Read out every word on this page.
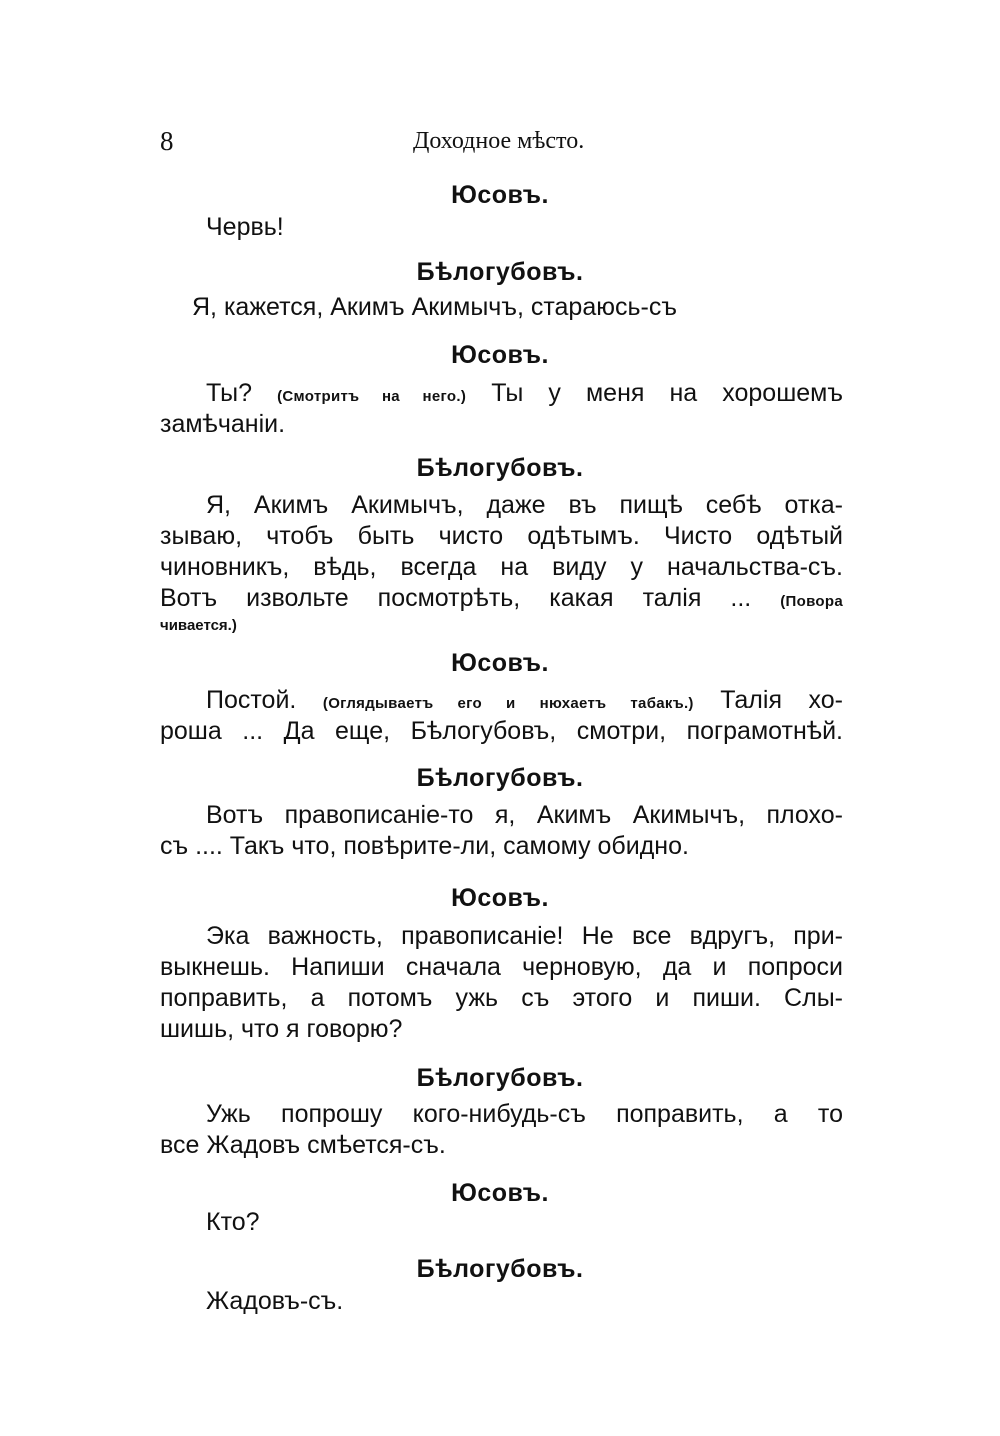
8	Доходное мѣсто.
Юсовъ.
Червь!
Бѣлогубовъ.
Я, кажется, Акимъ Акимычъ, стараюсь-съ
Юсовъ.
Ты? (Смотритъ на него.) Ты у меня на хорошемъ
замѣчаніи.
Бѣлогубовъ.
Я, Акимъ Акимычъ, даже въ пищѣ себѣ отка-
зываю, чтобъ быть чисто одѣтымъ. Чисто одѣтый
чиновникъ, вѣдь, всегда на виду у начальства-съ.
Вотъ извольте посмотрѣть, какая талія ... (Повора
чивается.)
Юсовъ.
Постой. (Оглядываетъ его и нюхаетъ табакъ.) Талія хо-
роша ... Да еще, Бѣлогубовъ, смотри, пограмотнѣй.
Бѣлогубовъ.
Вотъ правописаніе-то я, Акимъ Акимычъ, плохо-
съ .... Такъ что, повѣрите-ли, самому обидно.
Юсовъ.
Эка важность, правописаніе! Не все вдругъ, при-
выкнешь. Напиши сначала черновую, да и попроси
поправить, а потомъ ужь съ этого и пиши. Слы-
шишь, что я говорю?
Бѣлогубовъ.
Ужь попрошу кого-нибудь-съ поправить, а то
все Жадовъ смѣется-съ.
Юсовъ.
Кто?
Бѣлогубовъ.
Жадовъ-съ.
